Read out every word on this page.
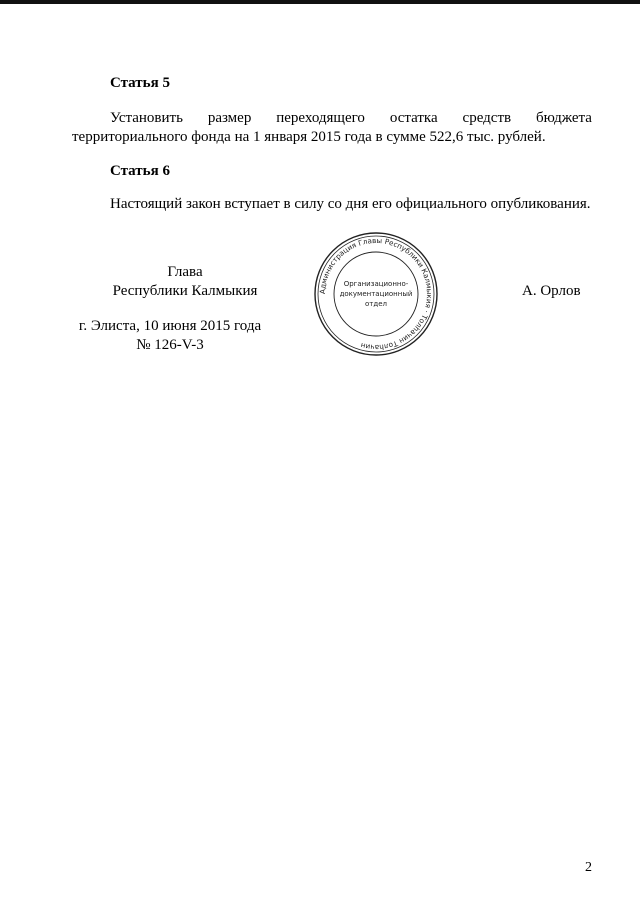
Статья 5
Установить размер переходящего остатка средств бюджета
территориального фонда на 1 января 2015 года в сумме 522,6 тыс. рублей.
Статья 6
Настоящий закон вступает в силу со дня его официального опубликования.
Глава
Республики Калмыкия	А. Орлов
г. Элиста, 10 июня 2015 года
№ 126-V-3
Администрация Главы Республики Калмыкия · Толһачин Толһачин
Организационно-
документационный
отдел
2
